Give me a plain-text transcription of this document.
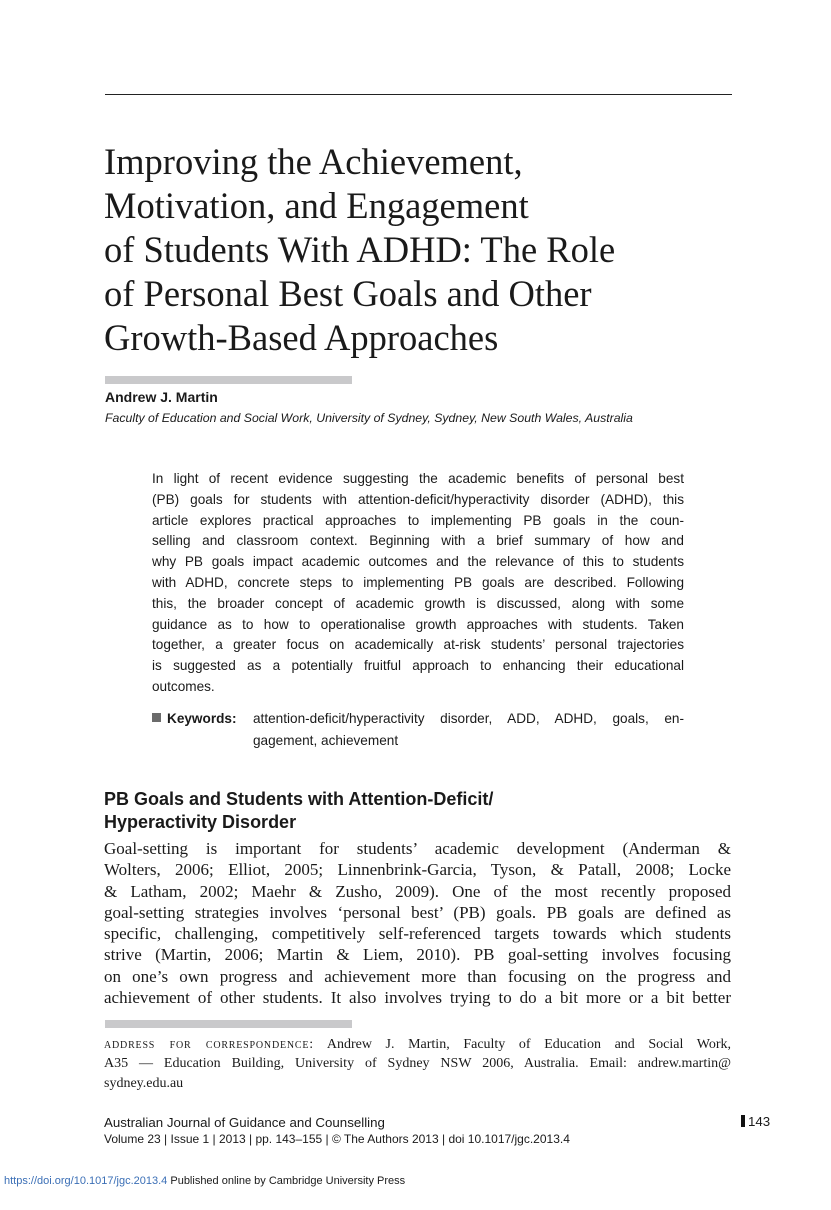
Improving the Achievement,
Motivation, and Engagement
of Students With ADHD: The Role
of Personal Best Goals and Other
Growth-Based Approaches
Andrew J. Martin
Faculty of Education and Social Work, University of Sydney, Sydney, New South Wales, Australia
In light of recent evidence suggesting the academic benefits of personal best
(PB) goals for students with attention-deficit/hyperactivity disorder (ADHD), this
article explores practical approaches to implementing PB goals in the coun-
selling and classroom context. Beginning with a brief summary of how and
why PB goals impact academic outcomes and the relevance of this to students
with ADHD, concrete steps to implementing PB goals are described. Following
this, the broader concept of academic growth is discussed, along with some
guidance as to how to operationalise growth approaches with students. Taken
together, a greater focus on academically at-risk students’ personal trajectories
is suggested as a potentially fruitful approach to enhancing their educational
outcomes.
Keywords: attention-deficit/hyperactivity disorder, ADD, ADHD, goals, en-
gagement, achievement
PB Goals and Students with Attention-Deficit/
Hyperactivity Disorder
Goal-setting is important for students’ academic development (Anderman &
Wolters, 2006; Elliot, 2005; Linnenbrink-Garcia, Tyson, & Patall, 2008; Locke
& Latham, 2002; Maehr & Zusho, 2009). One of the most recently proposed
goal-setting strategies involves ‘personal best’ (PB) goals. PB goals are defined as
specific, challenging, competitively self-referenced targets towards which students
strive (Martin, 2006; Martin & Liem, 2010). PB goal-setting involves focusing
on one’s own progress and achievement more than focusing on the progress and
achievement of other students. It also involves trying to do a bit more or a bit better
address for correspondence: Andrew J. Martin, Faculty of Education and Social Work,
A35 — Education Building, University of Sydney NSW 2006, Australia. Email: andrew.martin@
sydney.edu.au
Australian Journal of Guidance and Counselling
Volume 23 | Issue 1 | 2013 | pp. 143–155 | © The Authors 2013 | doi 10.1017/jgc.2013.4
143
https://doi.org/10.1017/jgc.2013.4 Published online by Cambridge University Press
